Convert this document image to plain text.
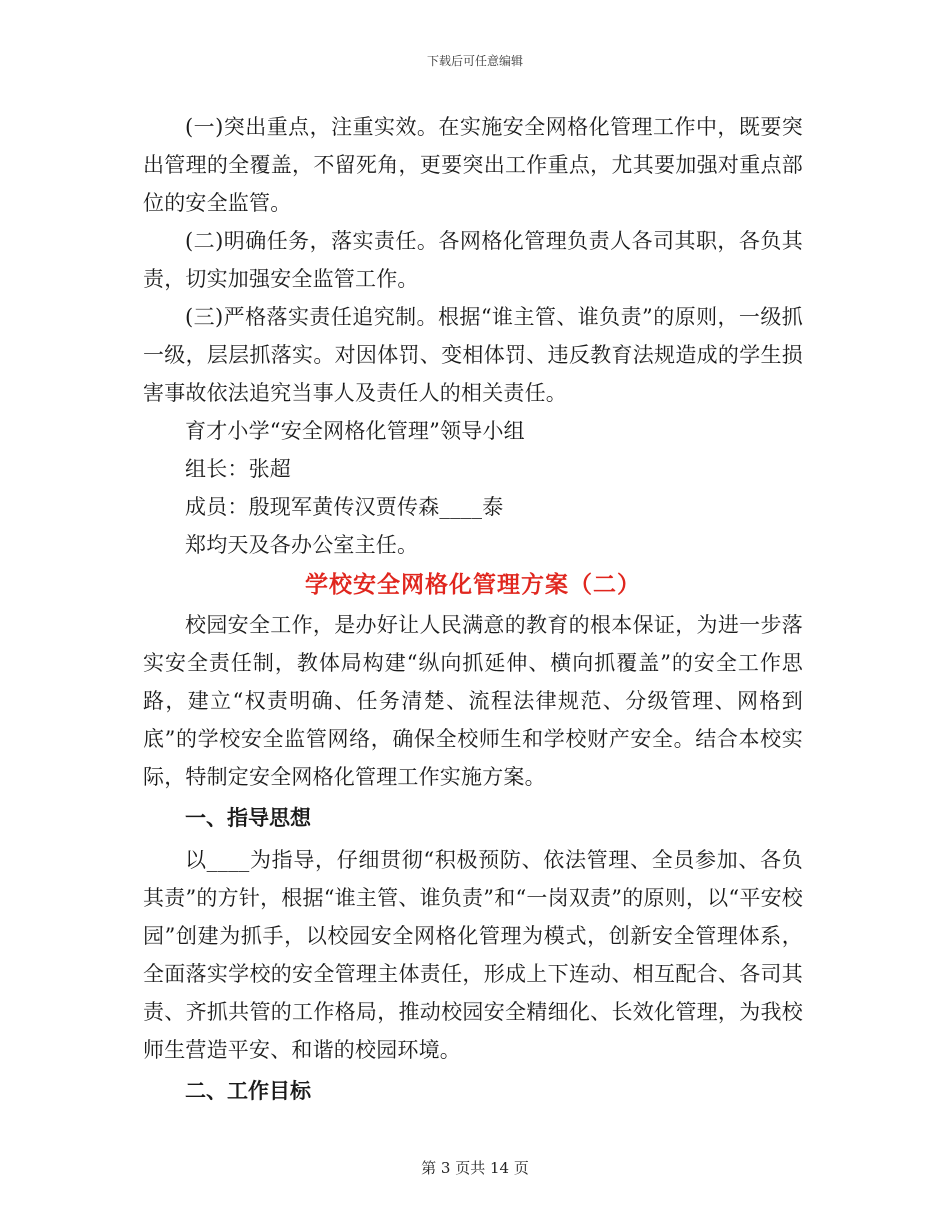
下载后可任意编辑

(一)突出重点，注重实效。在实施安全网格化管理工作中，既要突出管理的全覆盖，不留死角，更要突出工作重点，尤其要加强对重点部位的安全监管。

(二)明确任务，落实责任。各网格化管理负责人各司其职，各负其责，切实加强安全监管工作。

(三)严格落实责任追究制。根据“谁主管、谁负责”的原则，一级抓一级，层层抓落实。对因体罚、变相体罚、违反教育法规造成的学生损害事故依法追究当事人及责任人的相关责任。

育才小学“安全网格化管理”领导小组

组长：张超

成员：殷现军黄传汉贾传森____泰

郑均天及各办公室主任。

学校安全网格化管理方案（二）

校园安全工作，是办好让人民满意的教育的根本保证，为进一步落实安全责任制，教体局构建“纵向抓延伸、横向抓覆盖”的安全工作思路，建立“权责明确、任务清楚、流程法律规范、分级管理、网格到底”的学校安全监管网络，确保全校师生和学校财产安全。结合本校实际，特制定安全网格化管理工作实施方案。

一、指导思想

以____为指导，仔细贯彻“积极预防、依法管理、全员参加、各负其责”的方针，根据“谁主管、谁负责”和“一岗双责”的原则，以“平安校园”创建为抓手，以校园安全网格化管理为模式，创新安全管理体系，全面落实学校的安全管理主体责任，形成上下连动、相互配合、各司其责、齐抓共管的工作格局，推动校园安全精细化、长效化管理，为我校师生营造平安、和谐的校园环境。

二、工作目标
第 3 页共 14 页
